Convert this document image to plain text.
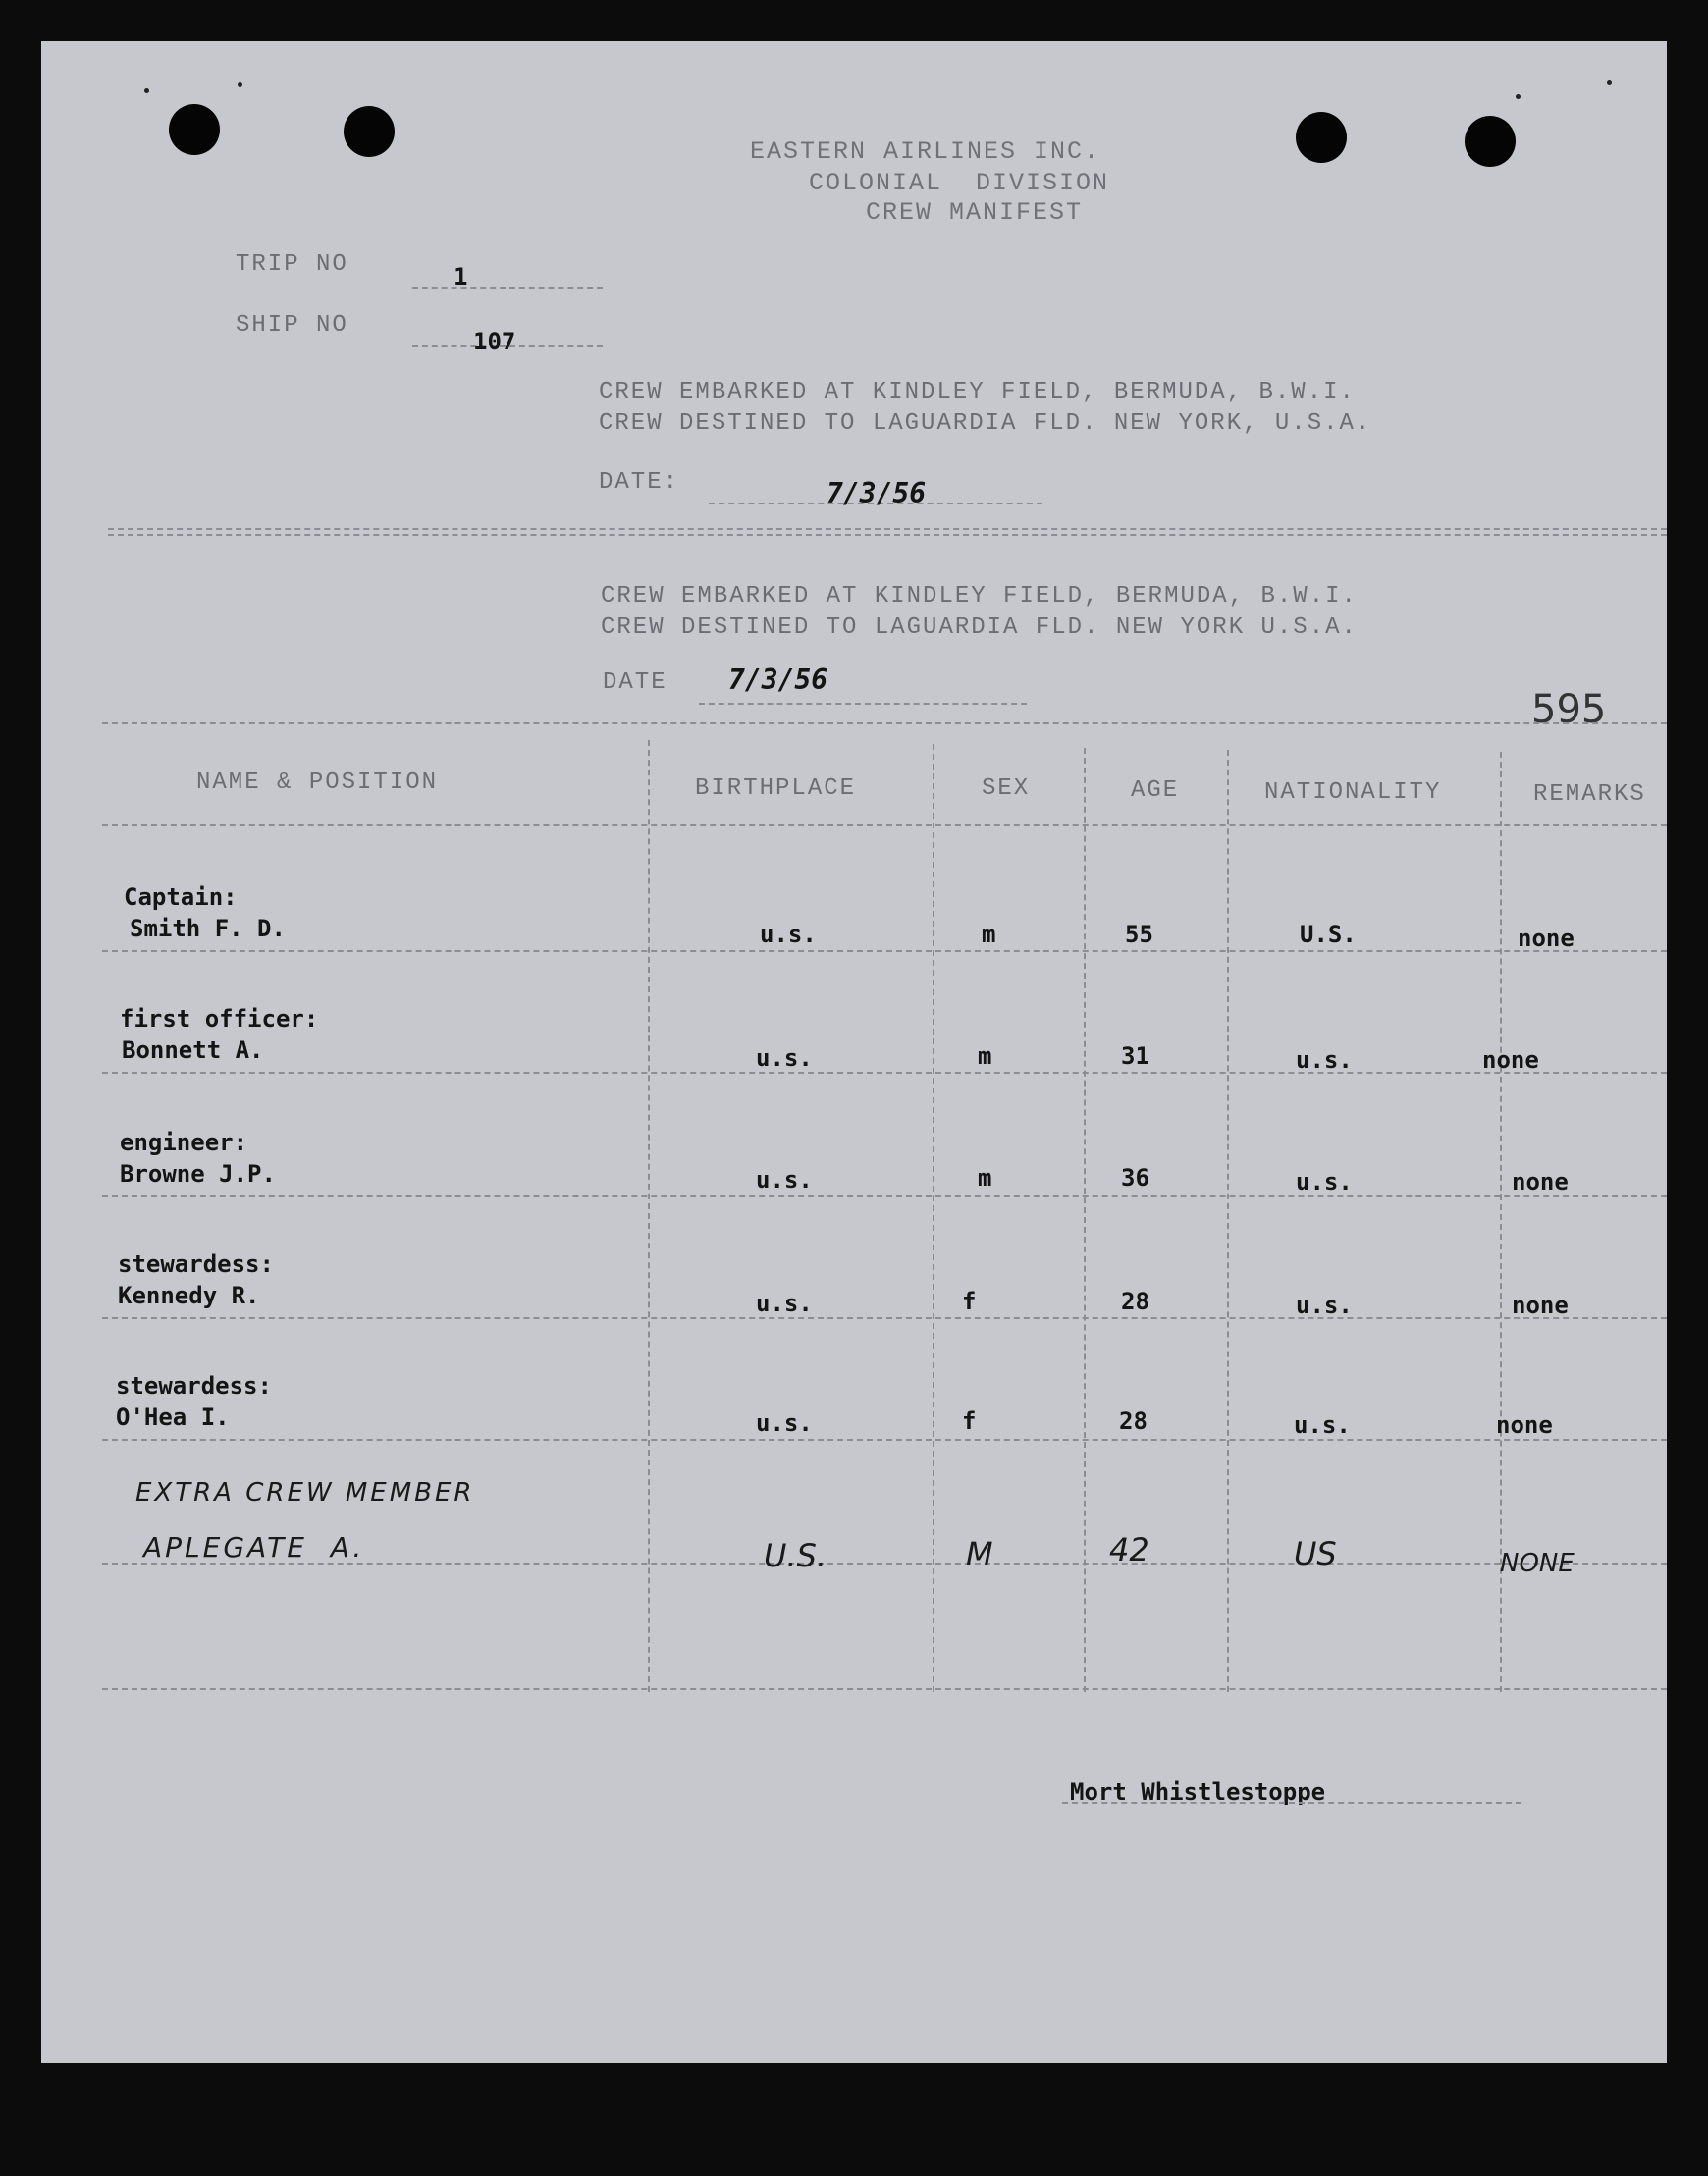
EASTERN AIRLINES INC.
COLONIAL  DIVISION
CREW MANIFEST
TRIP NO	1
SHIP NO
107
CREW EMBARKED AT KINDLEY FIELD, BERMUDA, B.W.I.
CREW DESTINED TO LAGUARDIA FLD. NEW YORK, U.S.A.
DATE:	7/3/56
CREW EMBARKED AT KINDLEY FIELD, BERMUDA, B.W.I.
CREW DESTINED TO LAGUARDIA FLD. NEW YORK U.S.A.
DATE 7/3/56
595
NAME & POSITION	BIRTHPLACE	SEX	AGE	NATIONALITY	REMARKS
Captain:
Smith F. D.	u.s.	m	55	U.S.	none
first officer:
Bonnett A.	u.s.	m	31	u.s.	none
engineer:
Browne J.P.	u.s.	m	36	u.s.	none
stewardess:
Kennedy R.	u.s.	f	28	u.s.	none
stewardess:
O'Hea I.	u.s.	f	28	u.s.	none
EXTRA CREW MEMBER
APLEGATE  A.	U.S.	M	42	US	NONE
Mort Whistlestoppe
